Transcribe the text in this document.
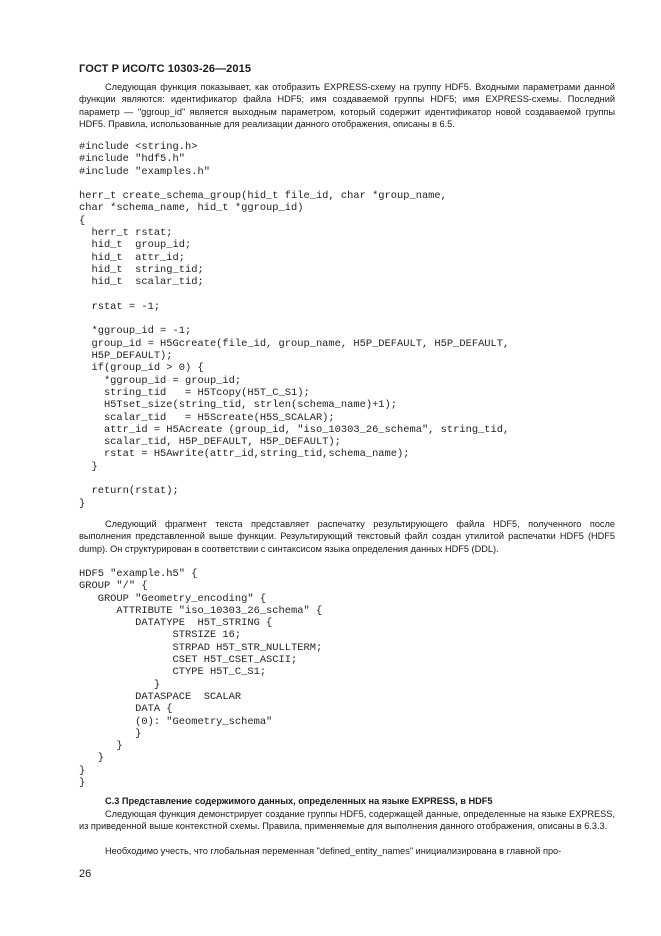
ГОСТ Р ИСО/ТС 10303-26—2015

Следующая функция показывает, как отобразить EXPRESS-схему на группу HDF5. Входными параметрами данной функции являются: идентификатор файла HDF5; имя создаваемой группы HDF5; имя EXPRESS-схемы. Последний параметр — "ggroup_id" является выходным параметром, который содержит идентификатор новой создаваемой группы HDF5. Правила, использованные для реализации данного отображения, описаны в 6.5.

#include <string.h>
#include "hdf5.h"
#include "examples.h"

herr_t create_schema_group(hid_t file_id, char *group_name,
char *schema_name, hid_t *ggroup_id)
{
herr_t rstat;
hid_t  group_id;
hid_t  attr_id;
hid_t  string_tid;
hid_t  scalar_tid;

rstat = -1;

*ggroup_id = -1;
group_id = H5Gcreate(file_id, group_name, H5P_DEFAULT, H5P_DEFAULT,
H5P_DEFAULT);
if(group_id > 0) {
*ggroup_id = group_id;
string_tid   = H5Tcopy(H5T_C_S1);
H5Tset_size(string_tid, strlen(schema_name)+1);
scalar_tid   = H5Screate(H5S_SCALAR);
attr_id = H5Acreate (group_id, "iso_10303_26_schema", string_tid,
scalar_tid, H5P_DEFAULT, H5P_DEFAULT);
rstat = H5Awrite(attr_id,string_tid,schema_name);
}

return(rstat);
}

Следующий фрагмент текста представляет распечатку результирующего файла HDF5, полученного после выполнения представленной выше функции. Результирующий текстовый файл создан утилитой распечатки HDF5 (HDF5 dump). Он структурирован в соответствии с синтаксисом языка определения данных HDF5 (DDL).

HDF5 "example.h5" {
GROUP "/" {
GROUP "Geometry_encoding" {
ATTRIBUTE "iso_10303_26_schema" {
DATATYPE  H5T_STRING {
STRSIZE 16;
STRPAD H5T_STR_NULLTERM;
CSET H5T_CSET_ASCII;
CTYPE H5T_C_S1;
}
DATASPACE  SCALAR
DATA {
(0): "Geometry_schema"
}
}
}
}
}
С.3 Представление содержимого данных, определенных на языке EXPRESS, в HDF5

Следующая функция демонстрирует создание группы HDF5, содержащей данные, определенные на языке EXPRESS, из приведенной выше контекстной схемы. Правила, применяемые для выполнения данного отображения, описаны в 6.3.3.

Необходимо учесть, что глобальная переменная "defined_entity_names" инициализирована в главной про-

26
